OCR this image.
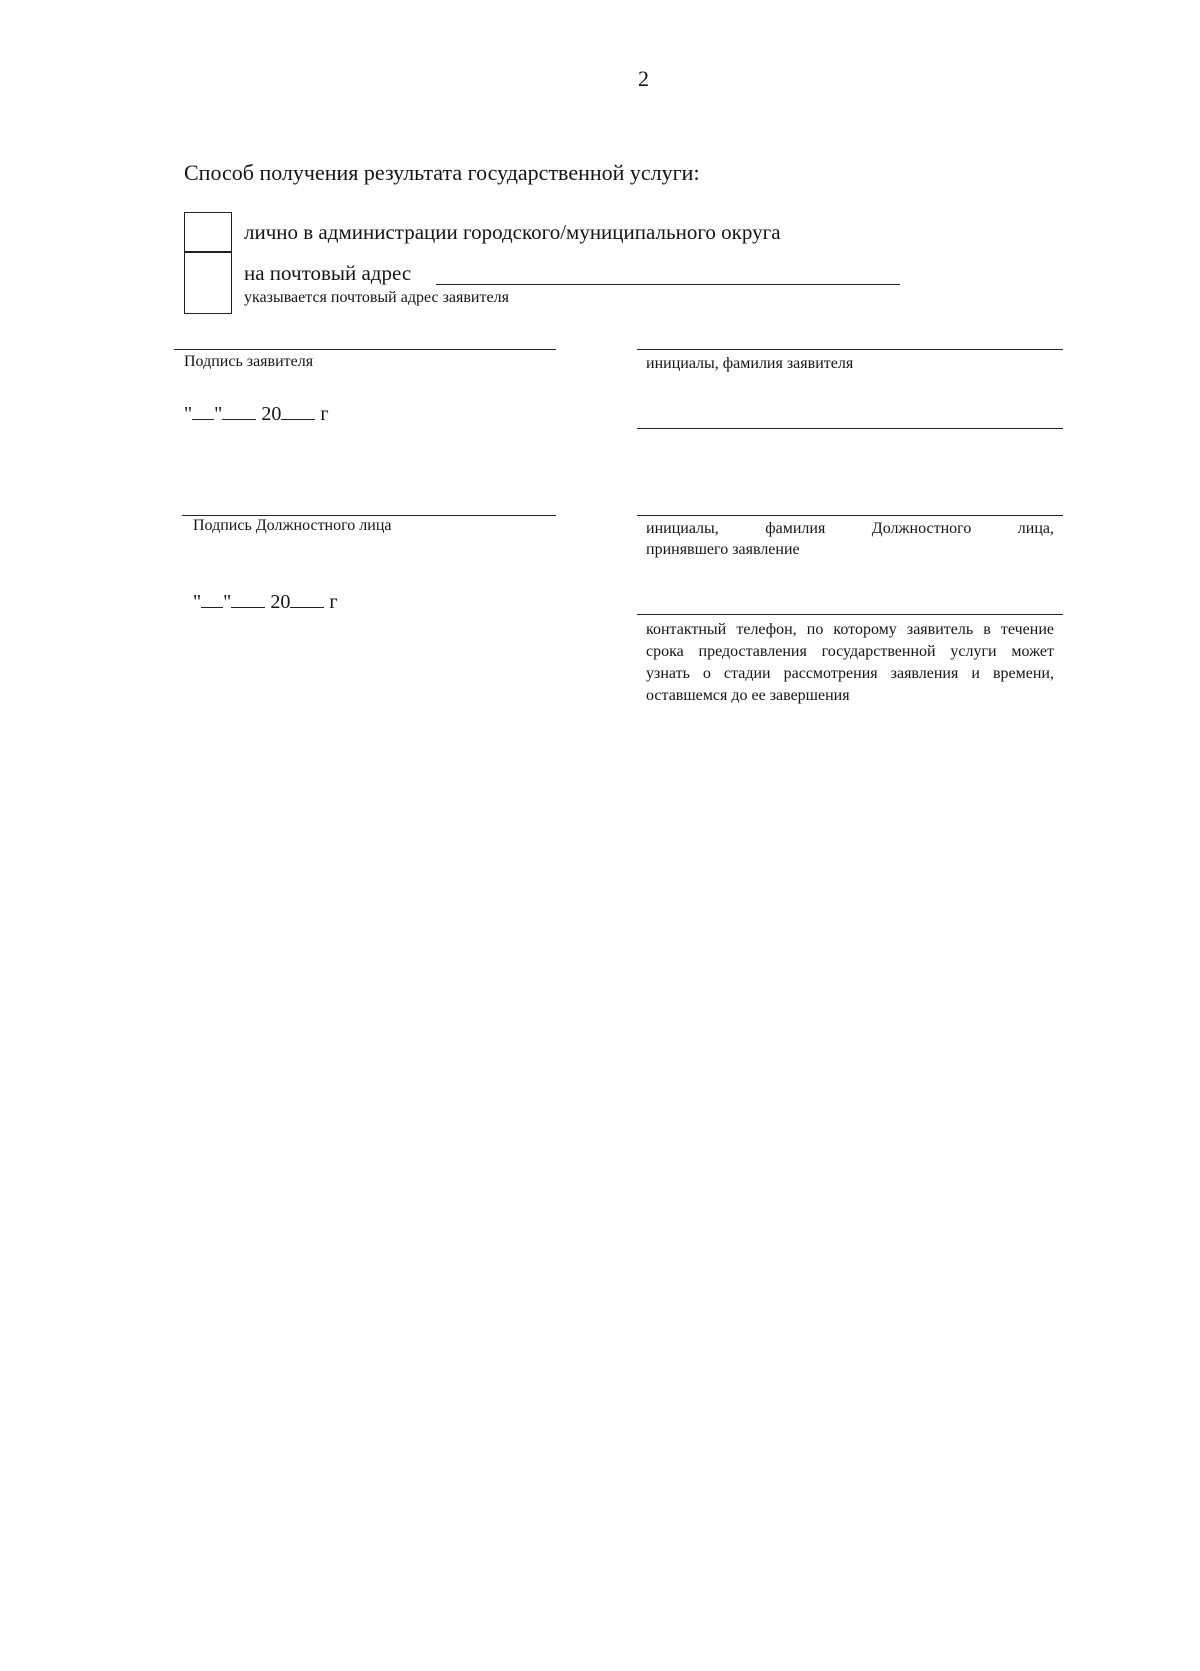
2
Способ получения результата государственной услуги:
лично в администрации городского/муниципального округа
на почтовый адрес
указывается почтовый адрес заявителя
Подпись заявителя	инициалы, фамилия заявителя
" " 20 г
Подпись Должностного лица	инициалы, фамилия Должностного лица,
принявшего заявление
" " 20 г
контактный телефон, по которому заявитель в течение срока предоставления государственной услуги может узнать о стадии рассмотрения заявления и времени, оставшемся до ее завершения
